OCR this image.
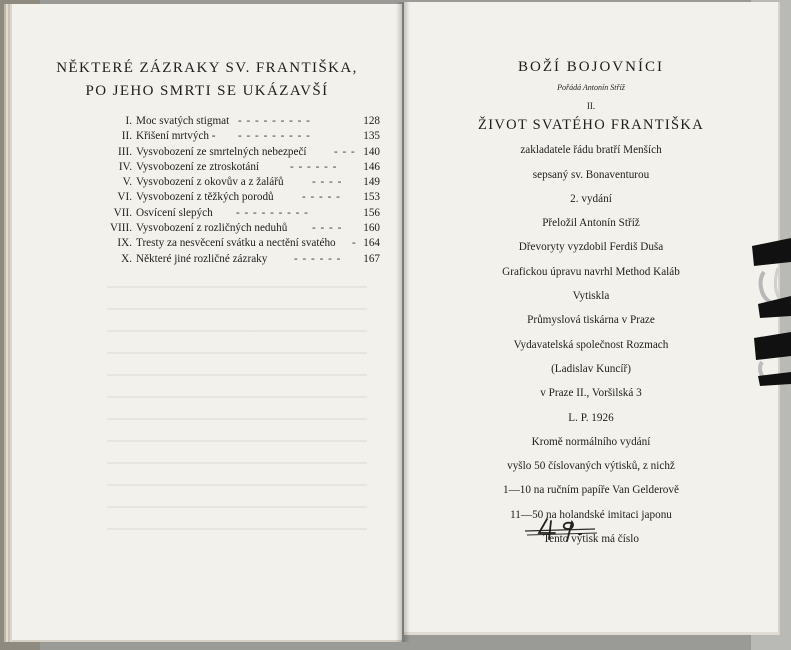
NĚKTERÉ ZÁZRAKY SV. FRANTIŠKA,
PO JEHO SMRTI SE UKÁZAVŠÍ
I. Moc svatých stigmat - - - - - - - - -	128
II. Křišení mrtvých - - - - - - - - - -	135
III. Vysvobození ze smrtelných nebezpečí - - - 140
IV. Vysvobození ze ztroskotání	- - - - - - 146
V. Vysvobození z okovův a z žalářů	- - - - 149
VI. Vysvobození z těžkých porodů	- - - - - 153
VII. Osvícení slepých - - - - - - - - -	156
VIII. Vysvobození z rozličných neduhů - - - - 160
IX. Tresty za nesvěcení svátku a nectění svatého - 164
X. Některé jiné rozličné zázraky - - - - - - 167
BOŽÍ BOJOVNÍCI
Pořádá Antonín Stříž
II.
ŽIVOT SVATÉHO FRANTIŠKA
zakladatele řádu bratří Menších
sepsaný sv. Bonaventurou
2. vydání
Přeložil Antonín Stříž
Dřevoryty vyzdobil Ferdiš Duša
Grafickou úpravu navrhl Method Kaláb
Vytiskla
Průmyslová tiskárna v Praze
Vydavatelská společnost Rozmach
(Ladislav Kuncíř)
v Praze II., Voršilská 3
L. P. 1926
Kromě normálního vydání
vyšlo 50 číslovaných výtisků, z nichž
1—10 na ručním papíře Van Gelderově
11—50 na holandské imitaci japonu
Tento výtisk má číslo
